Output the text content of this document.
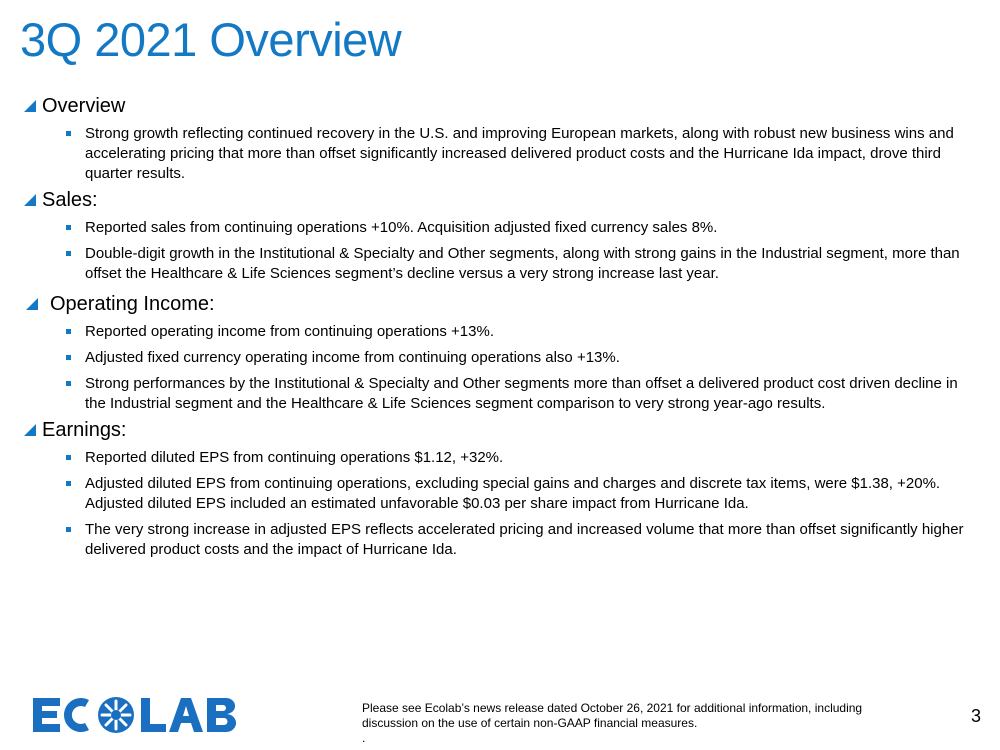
3Q 2021 Overview
Overview
Strong growth reflecting continued recovery in the U.S. and improving European markets, along with robust new business wins and accelerating pricing that more than offset significantly increased delivered product costs and the Hurricane Ida impact, drove third quarter results.
Sales:
Reported sales from continuing operations +10%. Acquisition adjusted fixed currency sales 8%.
Double-digit growth in the Institutional & Specialty and Other segments, along with strong gains in the Industrial segment, more than offset the Healthcare & Life Sciences segment’s decline versus a very strong increase last year.
Operating Income:
Reported operating income from continuing operations +13%.
Adjusted fixed currency operating income from continuing operations also +13%.
Strong performances by the Institutional & Specialty and Other segments more than offset a delivered product cost driven decline in the Industrial segment and the Healthcare & Life Sciences segment comparison to very strong year-ago results.
Earnings:
Reported diluted EPS from continuing operations $1.12, +32%.
Adjusted diluted EPS from continuing operations, excluding special gains and charges and discrete tax items, were $1.38, +20%. Adjusted diluted EPS included an estimated unfavorable $0.03 per share impact from Hurricane Ida.
The very strong increase in adjusted EPS reflects accelerated pricing and increased volume that more than offset significantly higher delivered product costs and the impact of Hurricane Ida.
Please see Ecolab’s news release dated October 26, 2021 for additional information, including discussion on the use of certain non-GAAP financial measures.
.
3
